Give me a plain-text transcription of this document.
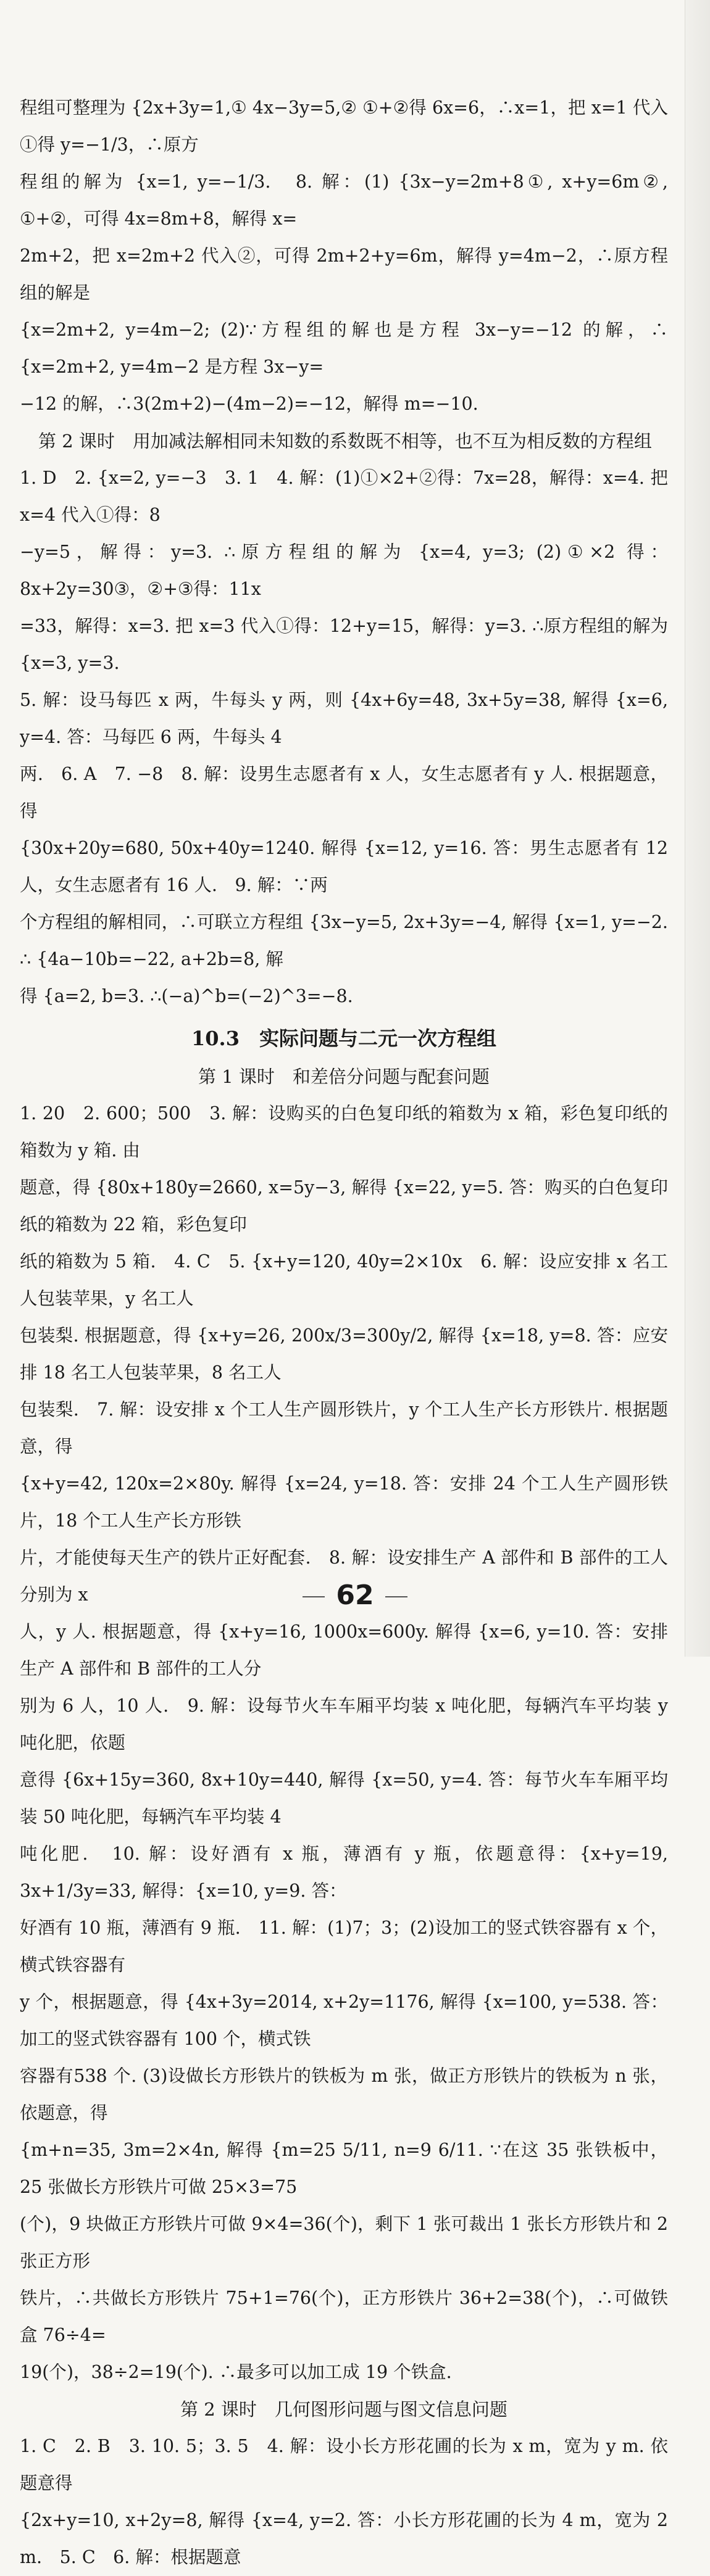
程组可整理为 {2x+3y=1,① 4x−3y=5,② ①+②得 6x=6，∴x=1，把 x=1 代入①得 y=−1/3，∴原方
程组的解为 {x=1, y=−1/3.　8. 解：(1) {3x−y=2m+8①, x+y=6m②, ①+②，可得 4x=8m+8，解得 x=
2m+2，把 x=2m+2 代入②，可得 2m+2+y=6m，解得 y=4m−2，∴原方程组的解是
{x=2m+2, y=4m−2; (2)∵方程组的解也是方程 3x−y=−12 的解，∴ {x=2m+2, y=4m−2 是方程 3x−y=
−12 的解，∴3(2m+2)−(4m−2)=−12，解得 m=−10.
第 2 课时　用加减法解相同未知数的系数既不相等，也不互为相反数的方程组
1. D　2. {x=2, y=−3　3. 1　4. 解：(1)①×2+②得：7x=28，解得：x=4. 把 x=4 代入①得：8
−y=5，解得：y=3. ∴原方程组的解为 {x=4, y=3; (2)①×2 得：8x+2y=30③，②+③得：11x
=33，解得：x=3. 把 x=3 代入①得：12+y=15，解得：y=3. ∴原方程组的解为 {x=3, y=3.
5. 解：设马每匹 x 两，牛每头 y 两，则 {4x+6y=48, 3x+5y=38, 解得 {x=6, y=4. 答：马每匹 6 两，牛每头 4
两.　6. A　7. −8　8. 解：设男生志愿者有 x 人，女生志愿者有 y 人. 根据题意，得
{30x+20y=680, 50x+40y=1240. 解得 {x=12, y=16. 答：男生志愿者有 12 人，女生志愿者有 16 人.　9. 解：∵两
个方程组的解相同，∴可联立方程组 {3x−y=5, 2x+3y=−4, 解得 {x=1, y=−2. ∴ {4a−10b=−22, a+2b=8, 解
得 {a=2, b=3. ∴(−a)^b=(−2)^3=−8.
10.3　实际问题与二元一次方程组
第 1 课时　和差倍分问题与配套问题
1. 20　2. 600；500　3. 解：设购买的白色复印纸的箱数为 x 箱，彩色复印纸的箱数为 y 箱. 由
题意，得 {80x+180y=2660, x=5y−3, 解得 {x=22, y=5. 答：购买的白色复印纸的箱数为 22 箱，彩色复印
纸的箱数为 5 箱.　4. C　5. {x+y=120, 40y=2×10x　6. 解：设应安排 x 名工人包装苹果，y 名工人
包装梨. 根据题意，得 {x+y=26, 200x/3=300y/2, 解得 {x=18, y=8. 答：应安排 18 名工人包装苹果，8 名工人
包装梨.　7. 解：设安排 x 个工人生产圆形铁片，y 个工人生产长方形铁片. 根据题意，得
{x+y=42, 120x=2×80y. 解得 {x=24, y=18. 答：安排 24 个工人生产圆形铁片，18 个工人生产长方形铁
片，才能使每天生产的铁片正好配套.　8. 解：设安排生产 A 部件和 B 部件的工人分别为 x
人，y 人. 根据题意，得 {x+y=16, 1000x=600y. 解得 {x=6, y=10. 答：安排生产 A 部件和 B 部件的工人分
别为 6 人，10 人.　9. 解：设每节火车车厢平均装 x 吨化肥，每辆汽车平均装 y 吨化肥，依题
意得 {6x+15y=360, 8x+10y=440, 解得 {x=50, y=4. 答：每节火车车厢平均装 50 吨化肥，每辆汽车平均装 4
吨化肥.　10. 解：设好酒有 x 瓶，薄酒有 y 瓶，依题意得：{x+y=19, 3x+1/3y=33, 解得：{x=10, y=9. 答：
好酒有 10 瓶，薄酒有 9 瓶.　11. 解：(1)7；3；(2)设加工的竖式铁容器有 x 个，横式铁容器有
y 个，根据题意，得 {4x+3y=2014, x+2y=1176, 解得 {x=100, y=538. 答：加工的竖式铁容器有 100 个，横式铁
容器有538 个. (3)设做长方形铁片的铁板为 m 张，做正方形铁片的铁板为 n 张，依题意，得
{m+n=35, 3m=2×4n, 解得 {m=25 5/11, n=9 6/11. ∵在这 35 张铁板中，25 张做长方形铁片可做 25×3=75
(个)，9 块做正方形铁片可做 9×4=36(个)，剩下 1 张可裁出 1 张长方形铁片和 2 张正方形
铁片，∴共做长方形铁片 75+1=76(个)，正方形铁片 36+2=38(个)，∴可做铁盒 76÷4=
19(个)，38÷2=19(个). ∴最多可以加工成 19 个铁盒.
第 2 课时　几何图形问题与图文信息问题
1. C　2. B　3. 10. 5；3. 5　4. 解：设小长方形花圃的长为 x m，宽为 y m. 依题意得
{2x+y=10, x+2y=8, 解得 {x=4, y=2. 答：小长方形花圃的长为 4 m，宽为 2 m.　5. C　6. 解：根据题意
62
